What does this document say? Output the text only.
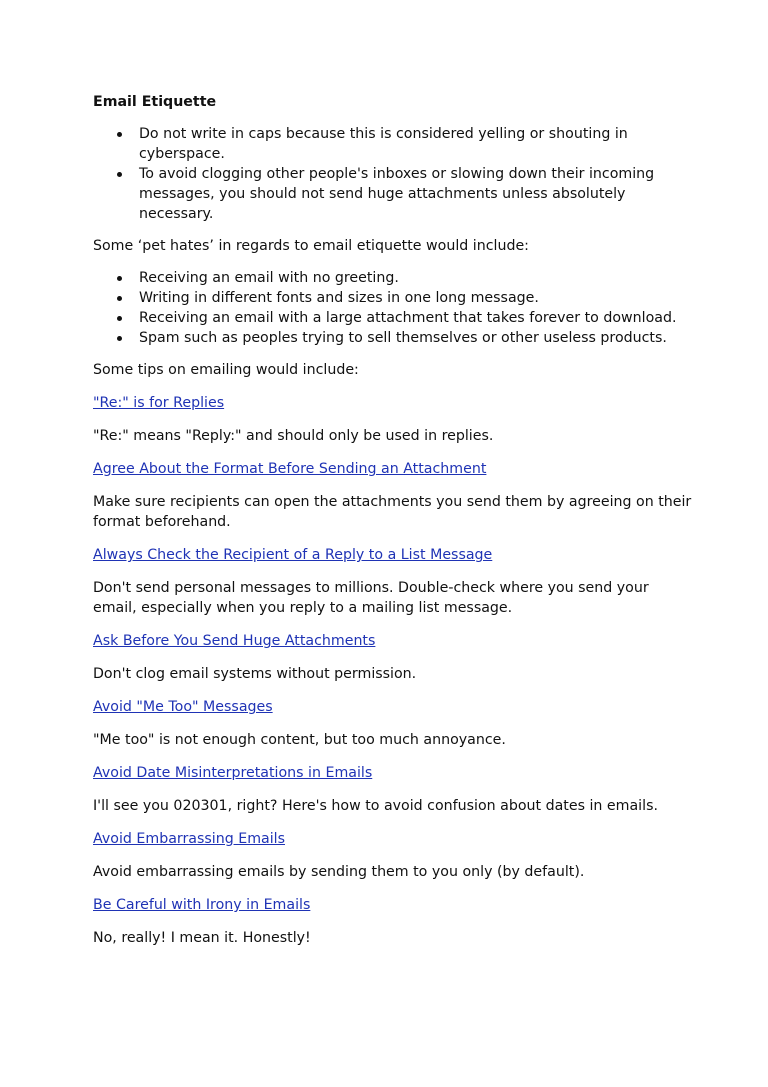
Email Etiquette
Do not write in caps because this is considered yelling or shouting in cyberspace.
To avoid clogging other people's inboxes or slowing down their incoming messages, you should not send huge attachments unless absolutely necessary.
Some ‘pet hates’ in regards to email etiquette would include:
Receiving an email with no greeting.
Writing in different fonts and sizes in one long message.
Receiving an email with a large attachment that takes forever to download.
Spam such as peoples trying to sell themselves or other useless products.

Some tips on emailing would include:

"Re:" is for Replies

"Re:" means "Reply:" and should only be used in replies.

Agree About the Format Before Sending an Attachment

Make sure recipients can open the attachments you send them by agreeing on their format beforehand.

Always Check the Recipient of a Reply to a List Message

Don't send personal messages to millions. Double-check where you send your email, especially when you reply to a mailing list message.

Ask Before You Send Huge Attachments

Don't clog email systems without permission.

Avoid "Me Too" Messages

"Me too" is not enough content, but too much annoyance.

Avoid Date Misinterpretations in Emails

I'll see you 020301, right? Here's how to avoid confusion about dates in emails.

Avoid Embarrassing Emails

Avoid embarrassing emails by sending them to you only (by default).

Be Careful with Irony in Emails

No, really! I mean it. Honestly!
